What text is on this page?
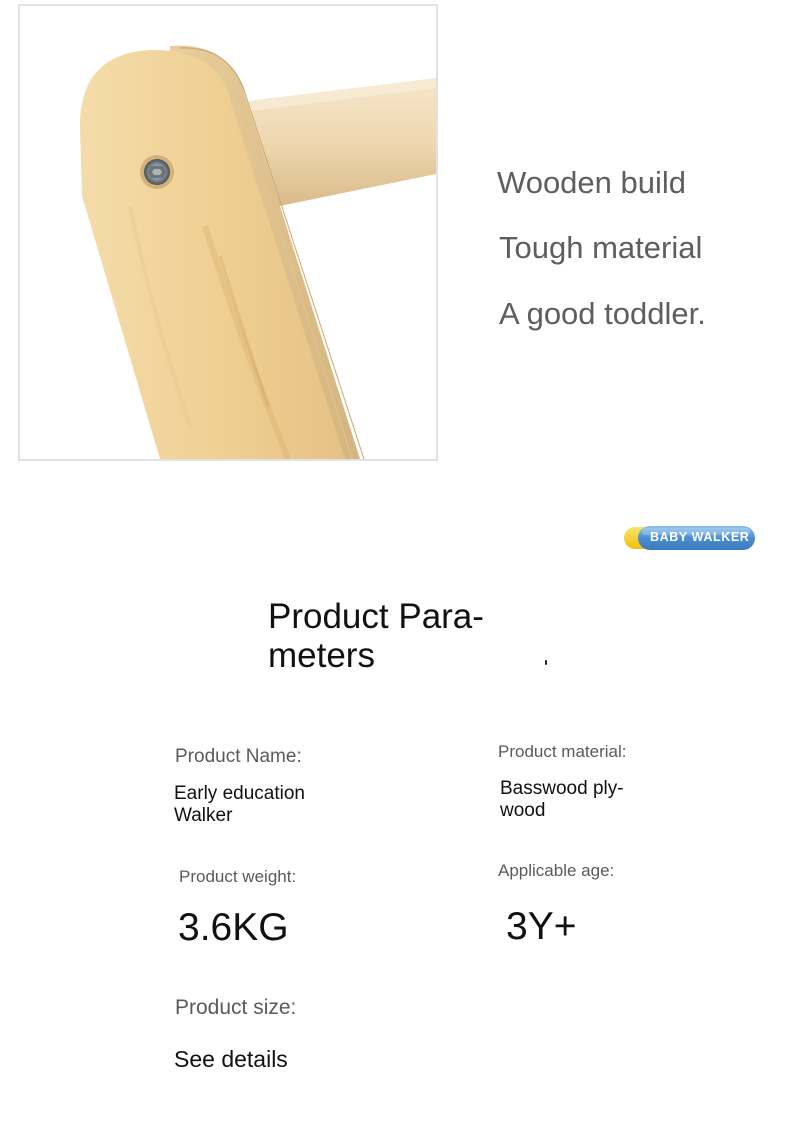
Wooden build
Tough material
A good toddler.
BABY WALKER
Product Para-
meters
Product Name:
Early education Walker
Product material:
Basswood ply-
wood
Product weight:
3.6KG
Applicable age:
3Y+
Product size:
See details
